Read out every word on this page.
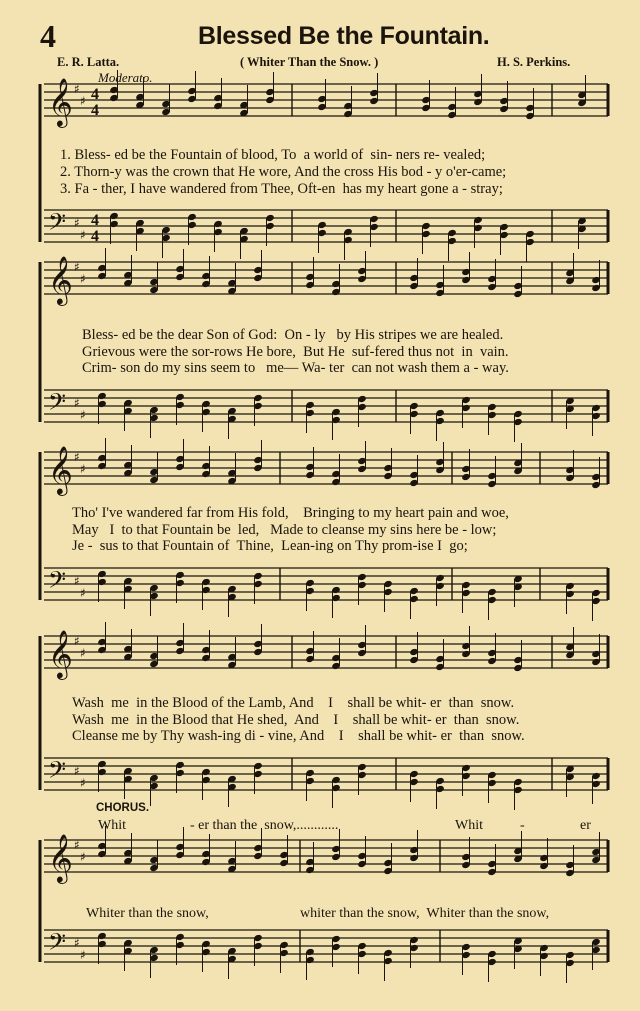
4	Blessed Be the Fountain.
E. R. Latta.	( Whiter Than the Snow. )	H. S. Perkins.
Moderato.
𝄞 ♯
♯ 4
4
𝄢 ♯
♯
4
4
𝄞 ♯
♯
𝄢 ♯
♯
𝄞 ♯
♯
𝄢 ♯
♯
𝄞 ♯
♯
𝄢 ♯
♯
𝄞 ♯
♯
𝄢 ♯
♯
1. Bless- ed be the Fountain of blood, To  a world of  sin- ners re- vealed;
2. Thorn-y was the crown that He wore, And the cross His bod - y o'er-came;
3. Fa - ther, I have wandered from Thee, Oft-en  has my heart gone a - stray;
Bless- ed be the dear Son of God:  On - ly   by His stripes we are healed.
Grievous were the sor-rows He bore,  But He  suf-fered thus not  in  vain.
Crim- son do my sins seem to   me— Wa- ter  can not wash them a - way.
Tho' I've wandered far from His fold,    Bringing to my heart pain and woe,
May   I  to that Fountain be  led,   Made to cleanse my sins here be - low;
Je -  sus to that Fountain of  Thine,  Lean-ing on Thy prom-ise I  go;
Wash  me  in the Blood of the Lamb, And    I    shall be whit- er  than  snow.
Wash  me  in the Blood that He shed,  And    I    shall be whit- er  than  snow.
Cleanse me by Thy wash-ing di - vine, And    I    shall be whit- er  than  snow.
CHORUS.
Whit	- er than the  snow,............	Whit	-	er
Whiter than the snow,	whiter than the snow,  Whiter than the snow,
